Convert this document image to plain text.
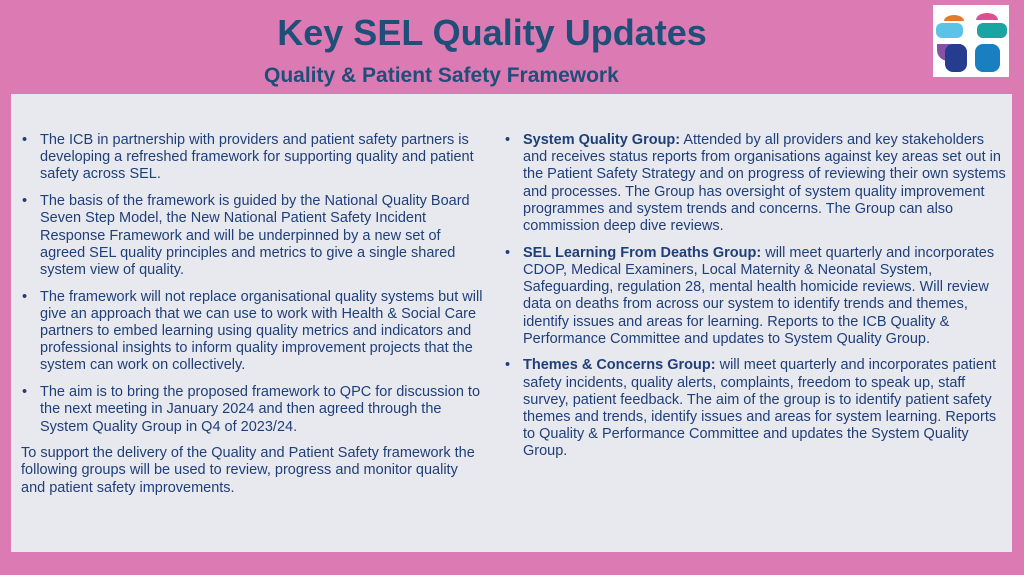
Key SEL Quality Updates
Quality & Patient Safety Framework
• The ICB in partnership with providers and patient safety partners is developing a refreshed framework for supporting quality and patient safety across SEL.
• The basis of the framework is guided by the National Quality Board Seven Step Model, the New National Patient Safety Incident Response Framework and will be underpinned by a new set of agreed SEL quality principles and metrics to give a single shared system view of quality.
• The framework will not replace organisational quality systems but will give an approach that we can use to work with Health & Social Care partners to embed learning using quality metrics and indicators and professional insights to inform quality improvement projects that the system can work on collectively.
• The aim is to bring the proposed framework to QPC for discussion to the next meeting in January 2024 and then agreed through the System Quality Group in Q4 of 2023/24.

To support the delivery of the Quality and Patient Safety framework the following groups will be used to review, progress and monitor quality and patient safety improvements.

• System Quality Group: Attended by all providers and key stakeholders and receives status reports from organisations against key areas set out in the Patient Safety Strategy and on progress of reviewing their own systems and processes. The Group has oversight of system quality improvement programmes and system trends and concerns. The Group can also commission deep dive reviews.
• SEL Learning From Deaths Group: will meet quarterly and incorporates CDOP, Medical Examiners, Local Maternity & Neonatal System, Safeguarding, regulation 28, mental health homicide reviews. Will review data on deaths from across our system to identify trends and themes, identify issues and areas for learning. Reports to the ICB Quality & Performance Committee and updates to System Quality Group.
• Themes & Concerns Group: will meet quarterly and incorporates patient safety incidents, quality alerts, complaints, freedom to speak up, staff survey, patient feedback. The aim of the group is to identify patient safety themes and trends, identify issues and areas for system learning. Reports to Quality & Performance Committee and updates the System Quality Group.
